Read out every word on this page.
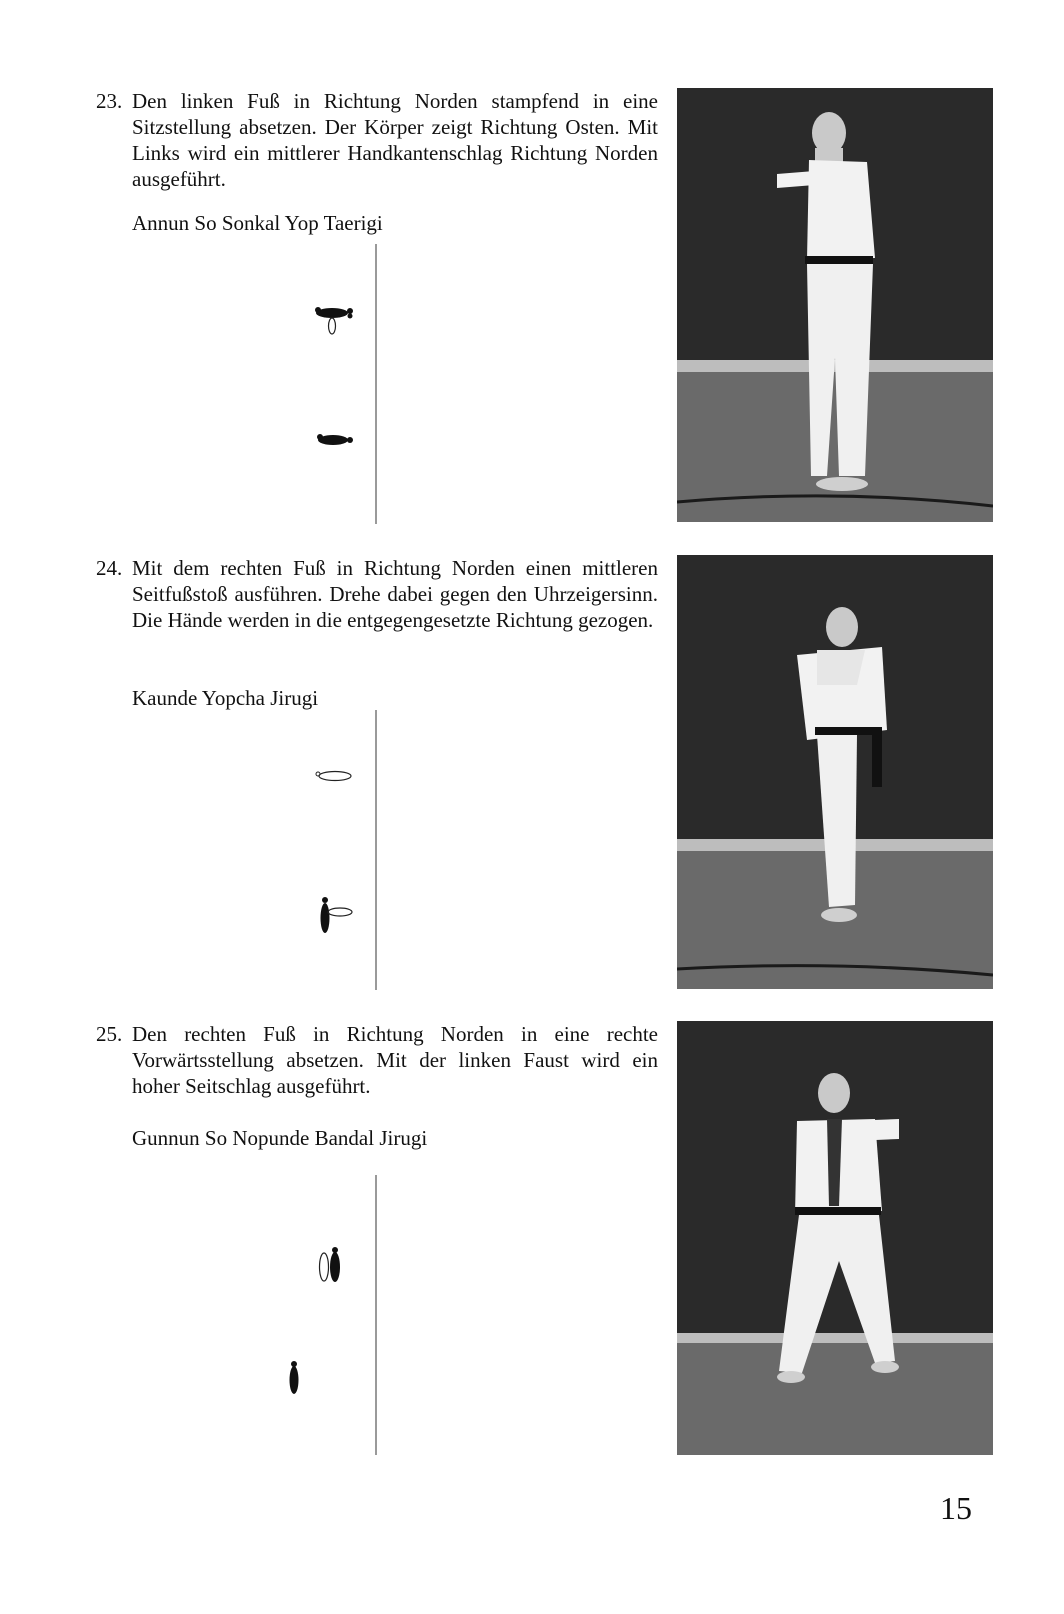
23. Den linken Fuß in Richtung Norden stampfend in eine Sitzstellung absetzen. Der Körper zeigt Richtung Osten. Mit Links wird ein mittlerer Handkantenschlag Richtung Norden ausgeführt.

Annun So Sonkal Yop Taerigi
24. Mit dem rechten Fuß in Richtung Norden einen mittleren Seitfußstoß ausführen. Drehe dabei gegen den Uhrzeigersinn. Die Hände werden in die entgegengesetzte Richtung gezogen.

Kaunde Yopcha Jirugi
25. Den rechten Fuß in Richtung Norden in eine rechte Vorwärtsstellung absetzen. Mit der linken Faust wird ein hoher Seitschlag ausgeführt.

Gunnun So Nopunde Bandal Jirugi
15
